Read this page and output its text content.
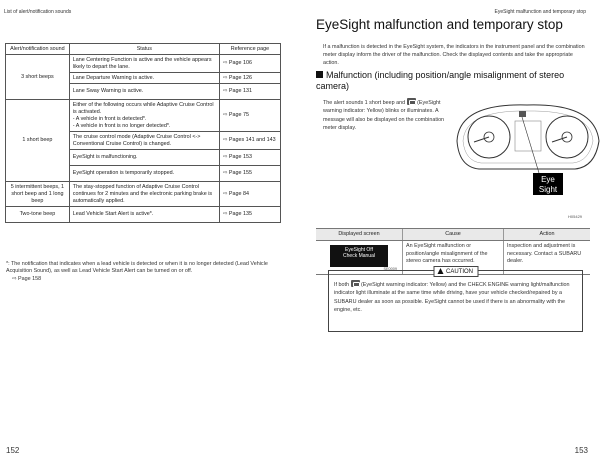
List of alert/notification sounds
Alert/notification sound	Status	Reference page
3 short beeps	Lane Centering Function is active and the vehicle appears likely to depart the lane.	⇨ Page 106
	Lane Departure Warning is active.	⇨ Page 126
	Lane Sway Warning is active.	⇨ Page 131
1 short beep	Either of the following occurs while Adaptive Cruise Control is activated.
- A vehicle in front is detected*.
- A vehicle in front is no longer detected*.	⇨ Page 75
	The cruise control mode (Adaptive Cruise Control <-> Conventional Cruise Control) is changed.	⇨ Pages 141 and 143
	EyeSight is malfunctioning.	⇨ Page 153
	EyeSight operation is temporarily stopped.	⇨ Page 155
5 intermittent beeps, 1 short beep and 1 long beep	The stay-stopped function of Adaptive Cruise Control continues for 2 minutes and the electronic parking brake is automatically applied.	⇨ Page 84
Two-tone beep	Lead Vehicle Start Alert is active*.	⇨ Page 135
*: The notification that indicates when a lead vehicle is detected or when it is no longer detected (Lead Vehicle Acquisition Sound), as well as Lead Vehicle Start Alert can be turned on or off.
⇨ Page 158
152
EyeSight malfunction and temporary stop
EyeSight malfunction and temporary stop
If a malfunction is detected in the EyeSight system, the indicators in the instrument panel and the combination meter display inform the driver of the malfunction. Check the displayed contents and take the appropriate action.
Malfunction (including position/angle misalignment of stereo camera)
The alert sounds 1 short beep and (EyeSight warning indicator: Yellow) blinks or illuminates. A message will also be displayed on the combination meter display.
Eye
Sight
H05429
Displayed screen	Cause	Action

EyeSight Off
Check Manual
SE0009	An EyeSight malfunction or position/angle misalignment of the stereo camera has occurred.	Inspection and adjustment is necessary. Contact a SUBARU dealer.
CAUTION
If both (EyeSight warning indicator: Yellow) and the CHECK ENGINE warning light/malfunction indicator light illuminate at the same time while driving, have your vehicle checked/repaired by a SUBARU dealer as soon as possible. EyeSight cannot be used if there is an abnormality with the engine, etc.
153
